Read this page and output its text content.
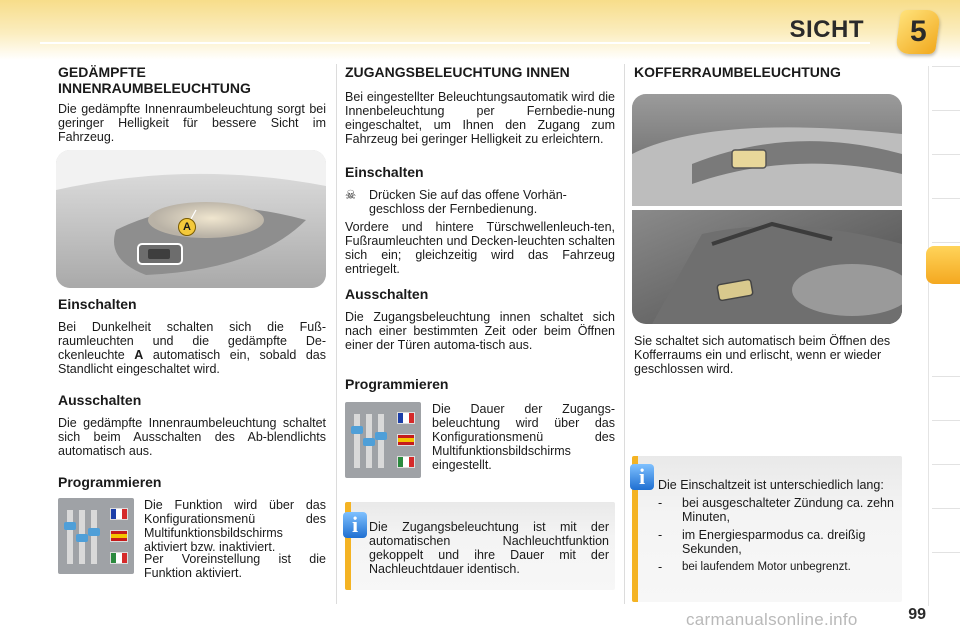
SICHT 5
GEDÄMPFTE INNENRAUMBELEUCHTUNG

Die gedämpfte Innenraumbeleuchtung sorgt bei geringer Helligkeit für bessere Sicht im Fahrzeug.

A
Einschalten

Bei Dunkelheit schalten sich die Fuß-raumleuchten und die gedämpfte De-ckenleuchte A automatisch ein, sobald das Standlicht eingeschaltet wird.

Ausschalten

Die gedämpfte Innenraumbeleuchtung schaltet sich beim Ausschalten des Ab-blendlichts automatisch aus.

Programmieren

Die Funktion wird über das Konfigurationsmenü des Multifunktionsbildschirms aktiviert bzw. inaktiviert.

Per Voreinstellung ist die Funktion aktiviert.

ZUGANGSBELEUCHTUNG INNEN

Bei eingestellter Beleuchtungsautomatik wird die Innenbeleuchtung per Fernbedie-nung eingeschaltet, um Ihnen den Zugang zum Fahrzeug bei geringer Helligkeit zu erleichtern.

Einschalten
☠	Drücken Sie auf das offene Vorhän-geschloss der Fernbedienung.

Vordere und hintere Türschwellenleuch-ten, Fußraumleuchten und Decken-leuchten schalten sich ein; gleichzeitig wird das Fahrzeug entriegelt.

Ausschalten

Die Zugangsbeleuchtung innen schaltet sich nach einer bestimmten Zeit oder beim Öffnen einer der Türen automa-tisch aus.

Programmieren

Die Dauer der Zugangs-beleuchtung wird über das Konfigurationsmenü des Multifunktionsbildschirms eingestellt.

Die Zugangsbeleuchtung ist mit der automatischen Nachleuchtfunktion gekoppelt und ihre Dauer mit der Nachleuchtdauer identisch.

i
KOFFERRAUMBELEUCHTUNG

Sie schaltet sich automatisch beim Öffnen des Kofferraums ein und erlischt, wenn er wieder geschlossen wird.

Die Einschaltzeit ist unterschiedlich lang:

-	bei ausgeschalteter Zündung ca. zehn Minuten,
-	im Energiesparmodus ca. dreißig Sekunden,
-	bei laufendem Motor unbegrenzt.
i
99
carmanualsonline.info
